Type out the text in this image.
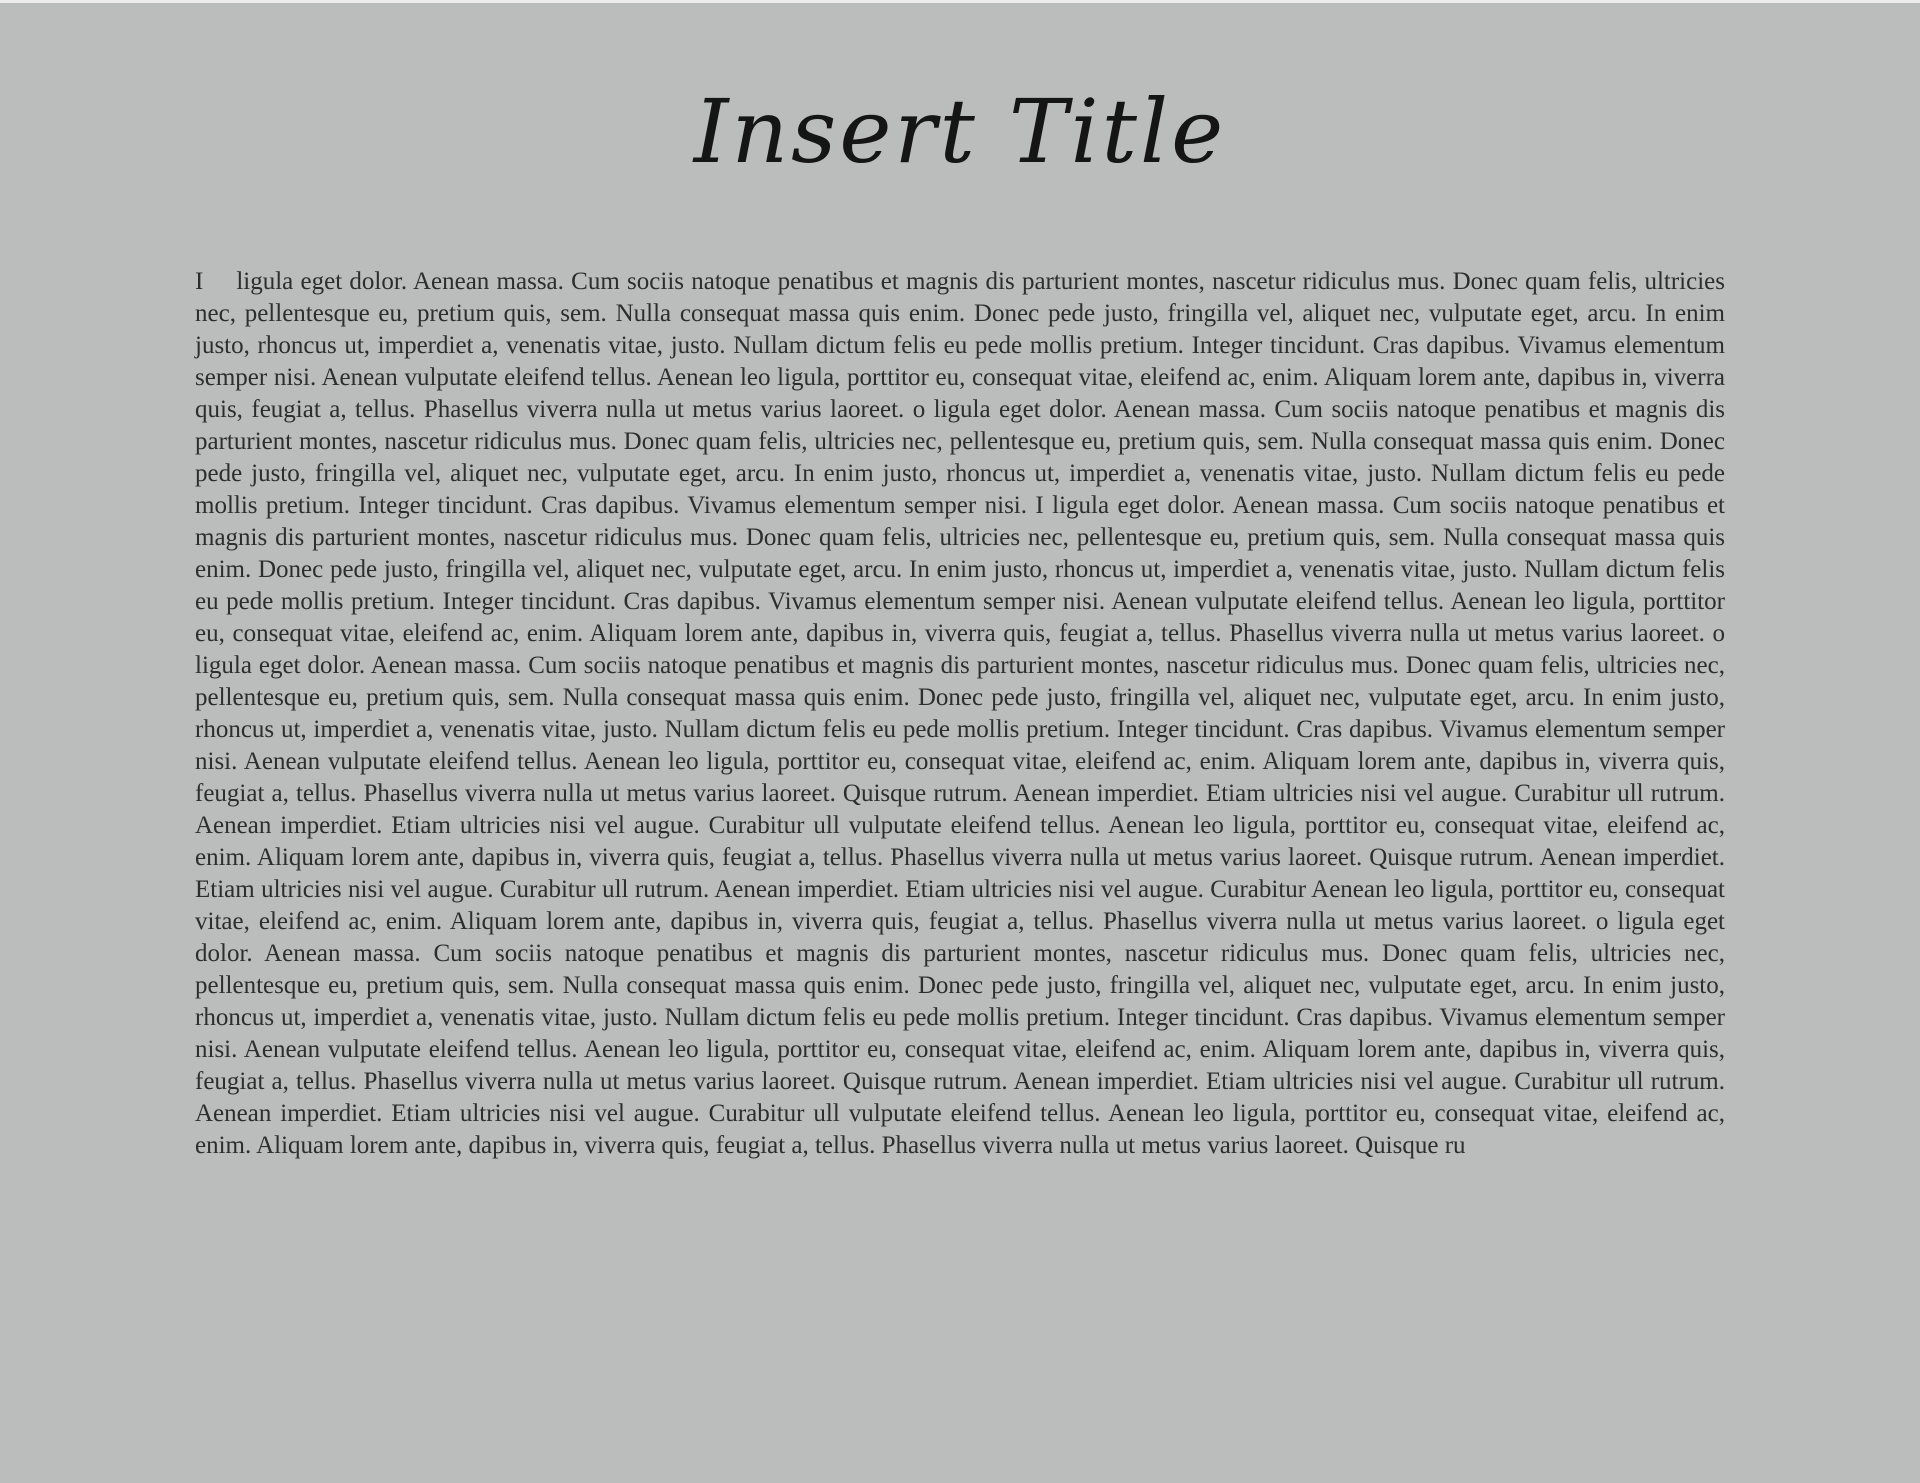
Insert Title
I ligula eget dolor. Aenean massa. Cum sociis natoque penatibus et magnis dis parturient montes, nascetur ridiculus mus. Donec quam felis, ultricies nec, pellentesque eu, pretium quis, sem. Nulla consequat massa quis enim. Donec pede justo, fringilla vel, aliquet nec, vulputate eget, arcu. In enim justo, rhoncus ut, imperdiet a, venenatis vitae, justo. Nullam dictum felis eu pede mollis pretium. Integer tincidunt. Cras dapibus. Vivamus elementum semper nisi. Aenean vulputate eleifend tellus. Aenean leo ligula, porttitor eu, consequat vitae, eleifend ac, enim. Aliquam lorem ante, dapibus in, viverra quis, feugiat a, tellus. Phasellus viverra nulla ut metus varius laoreet. o ligula eget dolor. Aenean massa. Cum sociis natoque penatibus et magnis dis parturient montes, nascetur ridiculus mus. Donec quam felis, ultricies nec, pellentesque eu, pretium quis, sem. Nulla consequat massa quis enim. Donec pede justo, fringilla vel, aliquet nec, vulputate eget, arcu. In enim justo, rhoncus ut, imperdiet a, venenatis vitae, justo. Nullam dictum felis eu pede mollis pretium. Integer tincidunt. Cras dapibus. Vivamus elementum semper nisi. I ligula eget dolor. Aenean massa. Cum sociis natoque penatibus et magnis dis parturient montes, nascetur ridiculus mus. Donec quam felis, ultricies nec, pellentesque eu, pretium quis, sem. Nulla consequat massa quis enim. Donec pede justo, fringilla vel, aliquet nec, vulputate eget, arcu. In enim justo, rhoncus ut, imperdiet a, venenatis vitae, justo. Nullam dictum felis eu pede mollis pretium. Integer tincidunt. Cras dapibus. Vivamus elementum semper nisi. Aenean vulputate eleifend tellus. Aenean leo ligula, porttitor eu, consequat vitae, eleifend ac, enim. Aliquam lorem ante, dapibus in, viverra quis, feugiat a, tellus. Phasellus viverra nulla ut metus varius laoreet. o ligula eget dolor. Aenean massa. Cum sociis natoque penatibus et magnis dis parturient montes, nascetur ridiculus mus. Donec quam felis, ultricies nec, pellentesque eu, pretium quis, sem. Nulla consequat massa quis enim. Donec pede justo, fringilla vel, aliquet nec, vulputate eget, arcu. In enim justo, rhoncus ut, imperdiet a, venenatis vitae, justo. Nullam dictum felis eu pede mollis pretium. Integer tincidunt. Cras dapibus. Vivamus elementum semper nisi. Aenean vulputate eleifend tellus. Aenean leo ligula, porttitor eu, consequat vitae, eleifend ac, enim. Aliquam lorem ante, dapibus in, viverra quis, feugiat a, tellus. Phasellus viverra nulla ut metus varius laoreet. Quisque rutrum. Aenean imperdiet. Etiam ultricies nisi vel augue. Curabitur ull rutrum. Aenean imperdiet. Etiam ultricies nisi vel augue. Curabitur ull vulputate eleifend tellus. Aenean leo ligula, porttitor eu, consequat vitae, eleifend ac, enim. Aliquam lorem ante, dapibus in, viverra quis, feugiat a, tellus. Phasellus viverra nulla ut metus varius laoreet. Quisque rutrum. Aenean imperdiet. Etiam ultricies nisi vel augue. Curabitur ull rutrum. Aenean imperdiet. Etiam ultricies nisi vel augue. Curabitur Aenean leo ligula, porttitor eu, consequat vitae, eleifend ac, enim. Aliquam lorem ante, dapibus in, viverra quis, feugiat a, tellus. Phasellus viverra nulla ut metus varius laoreet. o ligula eget dolor. Aenean massa. Cum sociis natoque penatibus et magnis dis parturient montes, nascetur ridiculus mus. Donec quam felis, ultricies nec, pellentesque eu, pretium quis, sem. Nulla consequat massa quis enim. Donec pede justo, fringilla vel, aliquet nec, vulputate eget, arcu. In enim justo, rhoncus ut, imperdiet a, venenatis vitae, justo. Nullam dictum felis eu pede mollis pretium. Integer tincidunt. Cras dapibus. Vivamus elementum semper nisi. Aenean vulputate eleifend tellus. Aenean leo ligula, porttitor eu, consequat vitae, eleifend ac, enim. Aliquam lorem ante, dapibus in, viverra quis, feugiat a, tellus. Phasellus viverra nulla ut metus varius laoreet. Quisque rutrum. Aenean imperdiet. Etiam ultricies nisi vel augue. Curabitur ull rutrum. Aenean imperdiet. Etiam ultricies nisi vel augue. Curabitur ull vulputate eleifend tellus. Aenean leo ligula, porttitor eu, consequat vitae, eleifend ac, enim. Aliquam lorem ante, dapibus in, viverra quis, feugiat a, tellus. Phasellus viverra nulla ut metus varius laoreet. Quisque ru
